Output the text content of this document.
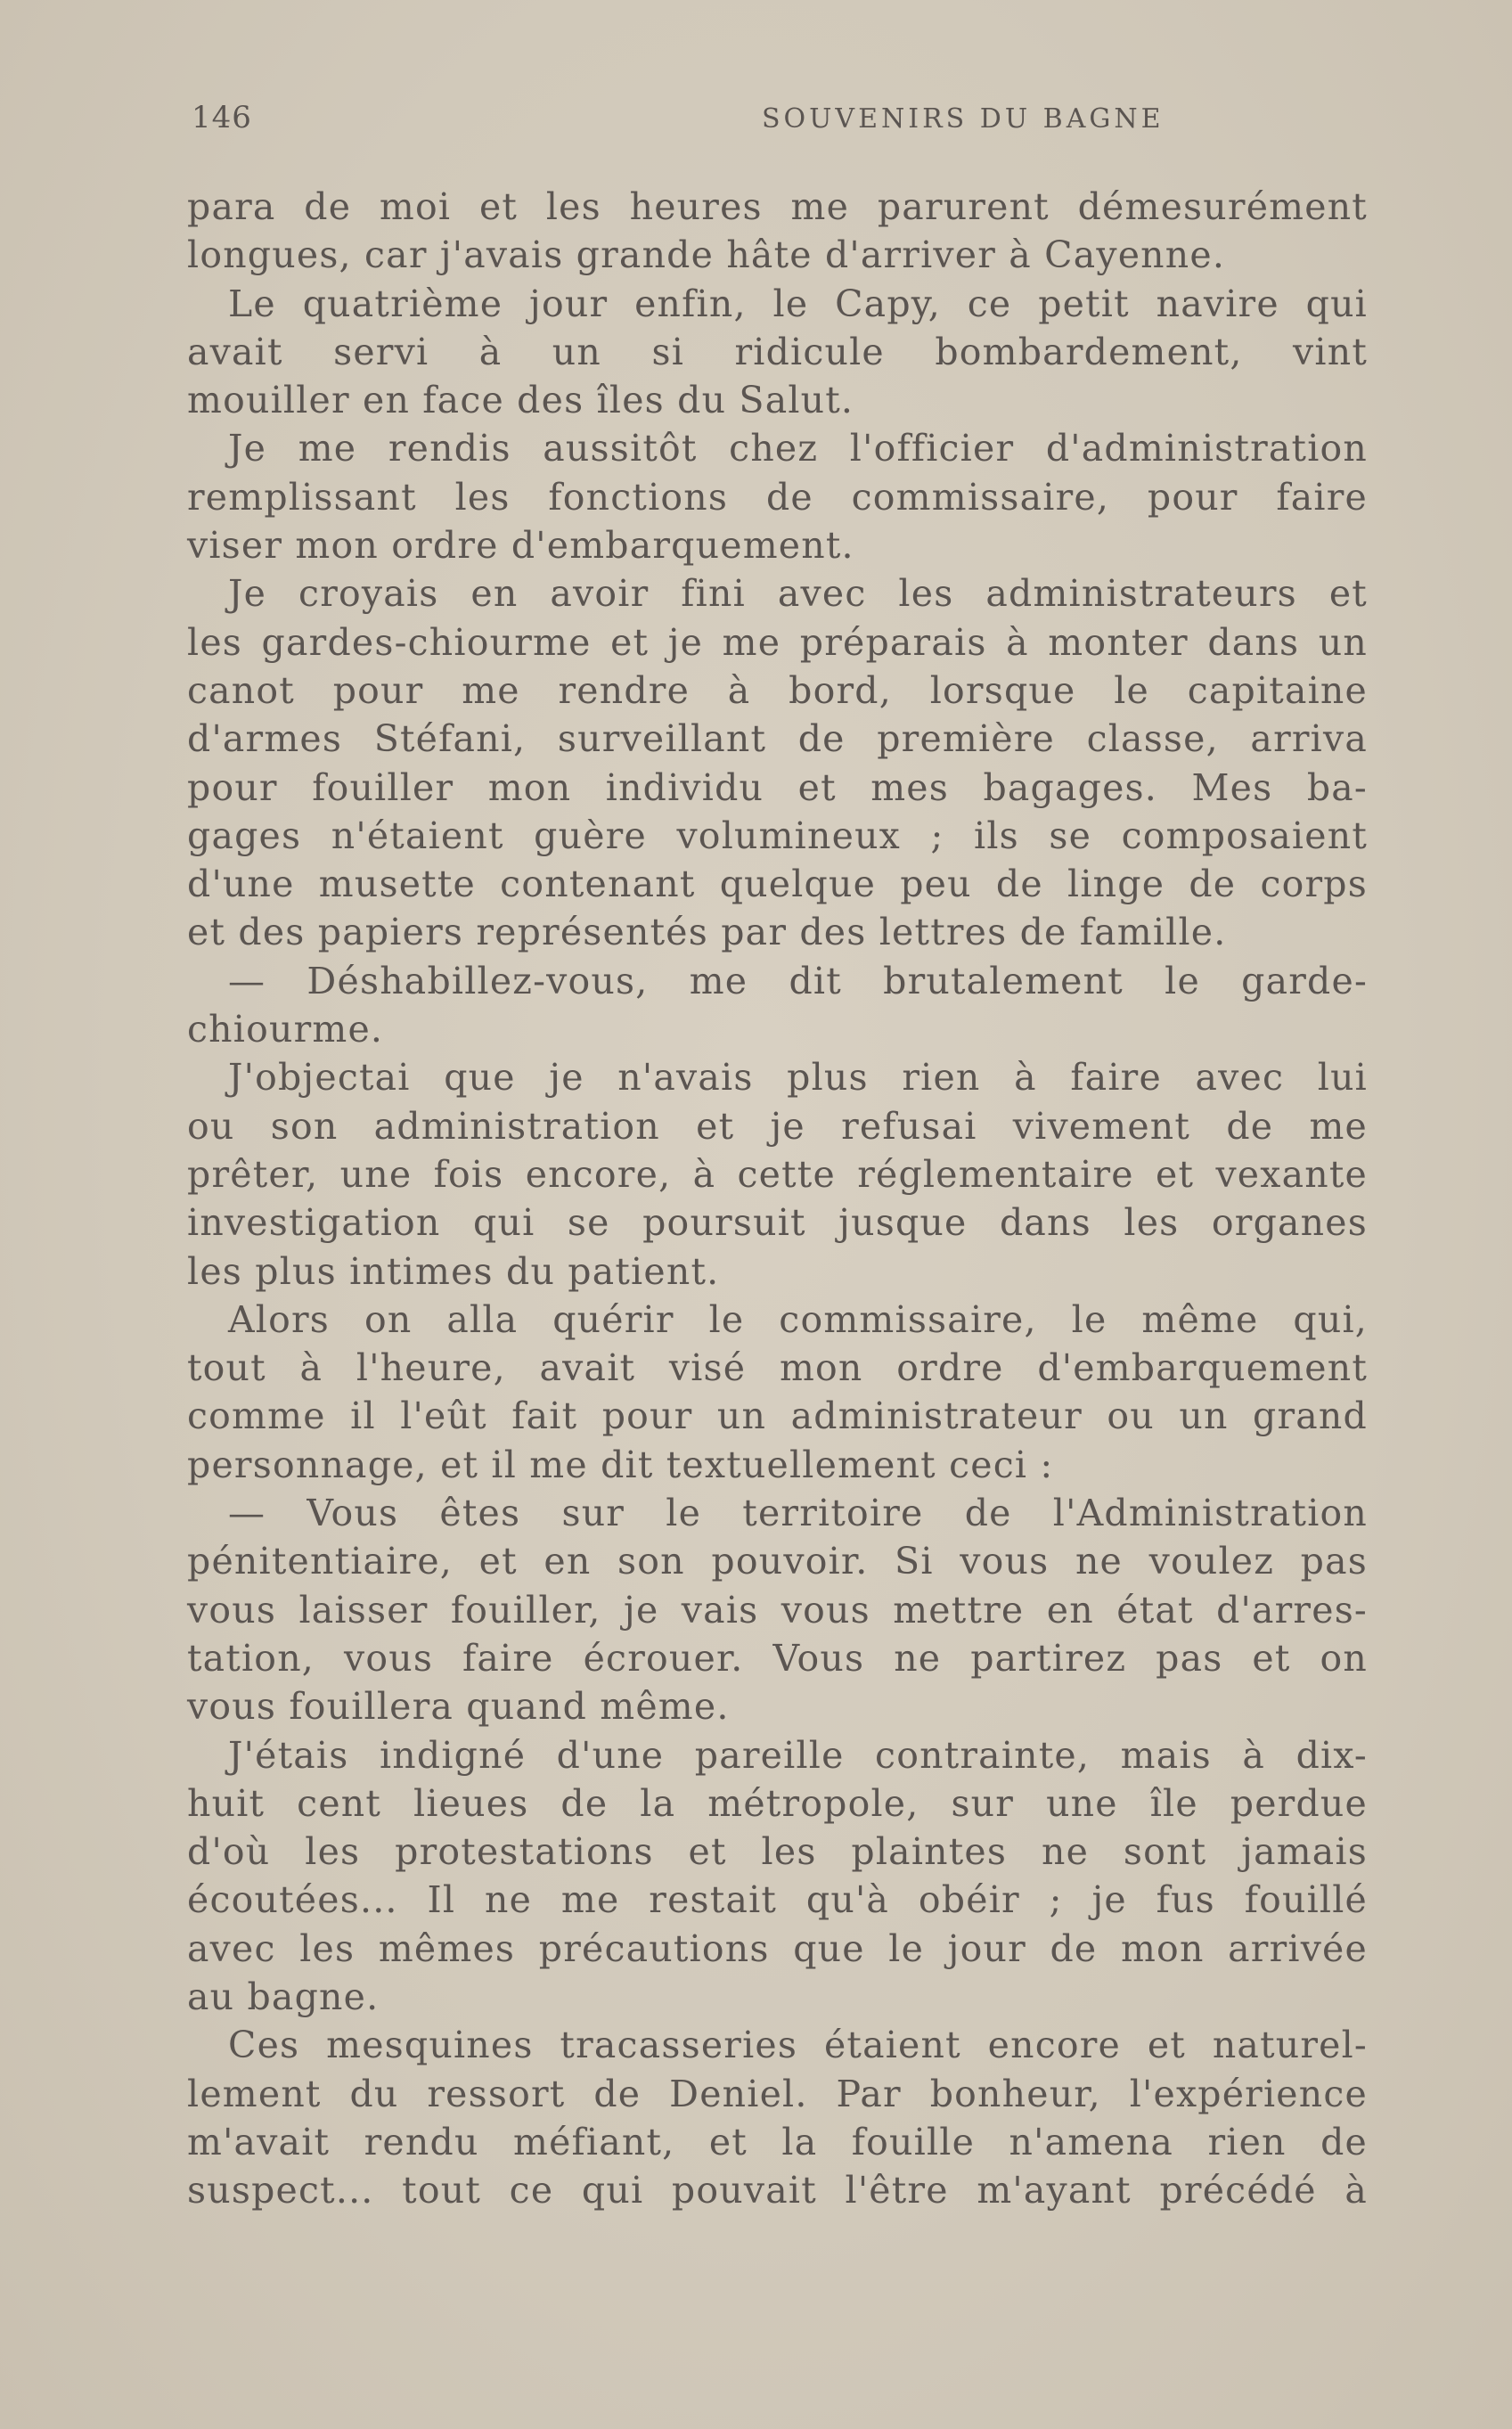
146	SOUVENIRS DU BAGNE
para de moi et les heures me parurent démesurément
longues, car j'avais grande hâte d'arriver à Cayenne.
Le quatrième jour enfin, le Capy, ce petit navire qui
avait servi à un si ridicule bombardement, vint
mouiller en face des îles du Salut.
Je me rendis aussitôt chez l'officier d'administration
remplissant les fonctions de commissaire, pour faire
viser mon ordre d'embarquement.
Je croyais en avoir fini avec les administrateurs et
les gardes-chiourme et je me préparais à monter dans un
canot pour me rendre à bord, lorsque le capitaine
d'armes Stéfani, surveillant de première classe, arriva
pour fouiller mon individu et mes bagages. Mes ba-
gages n'étaient guère volumineux ; ils se composaient
d'une musette contenant quelque peu de linge de corps
et des papiers représentés par des lettres de famille.
— Déshabillez-vous, me dit brutalement le garde-
chiourme.
J'objectai que je n'avais plus rien à faire avec lui
ou son administration et je refusai vivement de me
prêter, une fois encore, à cette réglementaire et vexante
investigation qui se poursuit jusque dans les organes
les plus intimes du patient.
Alors on alla quérir le commissaire, le même qui,
tout à l'heure, avait visé mon ordre d'embarquement
comme il l'eût fait pour un administrateur ou un grand
personnage, et il me dit textuellement ceci :
— Vous êtes sur le territoire de l'Administration
pénitentiaire, et en son pouvoir. Si vous ne voulez pas
vous laisser fouiller, je vais vous mettre en état d'arres-
tation, vous faire écrouer. Vous ne partirez pas et on
vous fouillera quand même.
J'étais indigné d'une pareille contrainte, mais à dix-
huit cent lieues de la métropole, sur une île perdue
d'où les protestations et les plaintes ne sont jamais
écoutées... Il ne me restait qu'à obéir ; je fus fouillé
avec les mêmes précautions que le jour de mon arrivée
au bagne.
Ces mesquines tracasseries étaient encore et naturel-
lement du ressort de Deniel. Par bonheur, l'expérience
m'avait rendu méfiant, et la fouille n'amena rien de
suspect... tout ce qui pouvait l'être m'ayant précédé à
